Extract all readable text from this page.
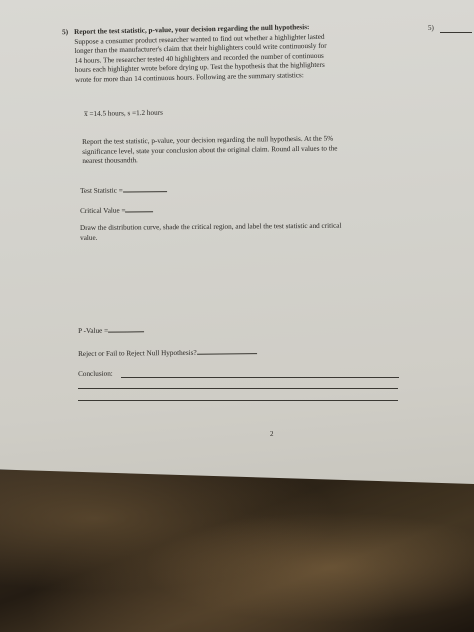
5)

5) Report the test statistic, p-value, your decision regarding the null hypothesis:

Suppose a consumer product researcher wanted to find out whether a highlighter lasted
longer than the manufacturer's claim that their highlighters could write continuously for
14 hours. The researcher tested 40 highlighters and recorded the number of continuous
hours each highlighter wrote before drying up. Test the hypothesis that the highlighters
wrote for more than 14 continuous hours. Following are the summary statistics:

x̅ =14.5 hours, s =1.2 hours
Report the test statistic, p-value, your decision regarding the null hypothesis. At the 5%
significance level, state your conclusion about the original claim. Round all values to the
nearest thousandth.
Test Statistic =
Critical Value =
Draw the distribution curve, shade the critical region, and label the test statistic and critical
value.
P -Value =
Reject or Fail to Reject Null Hypothesis?
Conclusion:
2
